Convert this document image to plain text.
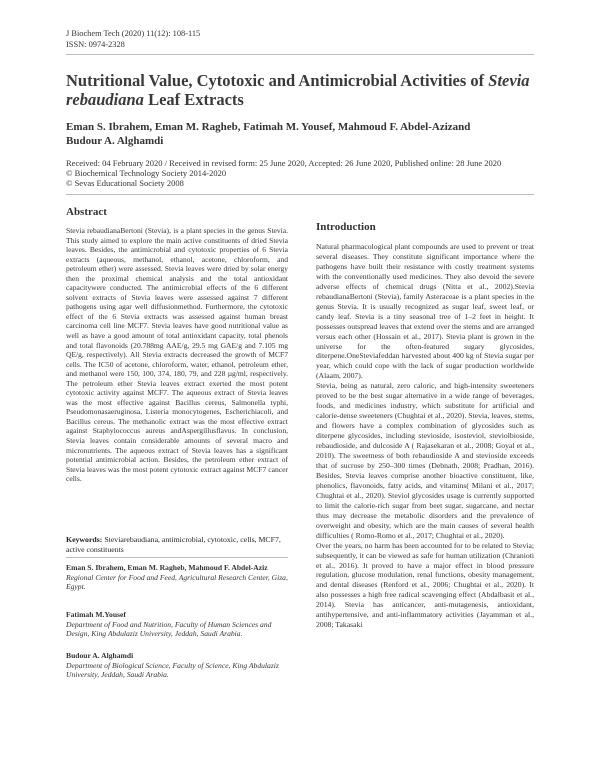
J Biochem Tech (2020) 11(12): 108-115
ISSN: 0974-2328
Nutritional Value, Cytotoxic and Antimicrobial Activities of Stevia rebaudiana Leaf Extracts
Eman S. Ibrahem, Eman M. Ragheb, Fatimah M. Yousef, Mahmoud F. Abdel-Azizand
Budour A. Alghamdi
Received: 04 February 2020 / Received in revised form: 25 June 2020, Accepted: 26 June 2020, Published online: 28 June 2020
© Biochemical Technology Society 2014-2020
© Sevas Educational Society 2008
Abstract
Stevia rebaudianaBertoni (Stevia), is a plant species in the genus Stevia. This study aimed to explore the main active constituents of dried Stevia leaves. Besides, the antimicrobial and cytotoxic properties of 6 Stevia extracts (aqueous, methanol, ethanol, acetone, chloroform, and petroleum ether) were assessed. Stevia leaves were dried by solar energy then the proximal chemical analysis and the total antioxidant capacitywere conducted. The antimicrobial effects of the 6 different solvent extracts of Stevia leaves were assessed against 7 different pathogens using agar well diffusionmethod. Furthermore, the cytotoxic effect of the 6 Stevia extracts was assessed against human breast carcinoma cell line MCF7. Stevia leaves have good nutritional value as well as have a good amount of total antioxidant capacity, total phenols and total flavonoids (20.788mg AAE/g, 29.5 mg GAE/g and 7.105 mg QE/g, respectively). All Stevia extracts decreased the growth of MCF7 cells. The IC50 of acetone, chloroform, water, ethanol, petroleum ether, and methanol were 150, 100, 374, 180, 79, and 228 µg/ml, respectively. The petroleum ether Stevia leaves extract exerted the most potent cytotoxic activity against MCF7. The aqueous extract of Stevia leaves was the most effective against Bacillus cereus, Salmonella typhi, Pseudomonasaeruginosa, Listeria monocytogenes, Escherichiacoli, and Bacillus cereus. The methanolic extract was the most effective extract against Staphylococcus aureus andAspergillusflavus. In conclusion, Stevia leaves contain considerable amounts of several macro and micronutrients. The aqueous extract of Stevia leaves has a significant potential antimicrobial action. Besides, the petroleum ether extract of Stevia leaves was the most potent cytotoxic extract against MCF7 cancer cells.
Keywords: Steviarebaudiana, antimicrobial, cytotoxic, cells, MCF7, active constituents
Eman S. Ibrahem, Eman M. Ragheb, Mahmoud F. Abdel-Aziz
Regional Center for Food and Feed, Agricultural Research Center, Giza, Egypt.
Fatimah M.Yousef
Department of Food and Nutrition, Faculty of Human Sciences and Design, King Abdulaziz University, Jeddah, Saudi Arabia.
Budour A. Alghamdi
Department of Biological Science, Faculty of Science, King Abdulaziz University, Jeddah, Saudi Arabia.
Introduction

Natural pharmacological plant compounds are used to prevent or treat several diseases. They constitute significant importance where the pathogens have built their resistance with costly treatment systems with the conventionally used medicines. They also devoid the severe adverse effects of chemical drugs (Nitta et al., 2002).Stevia rebaudianaBertoni (Stevia), family Asteraceae is a plant species in the genus Stevia. It is usually recognized as sugar leaf, sweet leaf, or candy leaf. Stevia is a tiny seasonal tree of 1–2 feet in height. It possesses outspread leaves that extend over the stems and are arranged versus each other (Hossain et al., 2017). Stevia plant is grown in the universe for the often-featured sugary glycosides, diterpene.OneSteviafeddan harvested about 400 kg of Stevia sugar per year, which could cope with the lack of sugar production worldwide (Alaam, 2007).

Stevia, being as natural, zero caloric, and high-intensity sweeteners proved to be the best sugar alternative in a wide range of beverages, foods, and medicines industry, which substitute for artificial and calorie-dense sweeteners (Chughtai et al., 2020). Stevia, leaves, stems, and flowers have a complex combination of glycosides such as diterpene glycosides, including stevioside, isosteviol, steviolbioside, rebaudioside, and dulcoside A ( Rajasekaran et al., 2008; Goyal et al., 2010). The sweetness of both rebaudioside A and stevioside exceeds that of sucrose by 250–300 times (Debnath, 2008; Pradhan, 2016). Besides, Stevia leaves comprise another bioactive constituent, like, phenolics, flavonoids, fatty acids, and vitamins( Milani et al., 2017; Chughtai et al., 2020). Steviol glycosides usage is currently supported to limit the calorie-rich sugar from beet sugar, sugarcane, and nectar thus may decrease the metabolic disorders and the prevalence of overweight and obesity, which are the main causes of several health difficulties ( Romo-Romo et al., 2017; Chughtai et al., 2020).

Over the years, no harm has been accounted for to be related to Stevia; subsequently, it can be viewed as safe for human utilization (Chranioti et al., 2016). It proved to have a major effect in blood pressure regulation, glucose modulation, renal functions, obesity management, and dental diseases (Renford et al., 2006; Chughtai et al., 2020). It also possesses a high free radical scavenging effect (Abdalbasit et al., 2014). Stevia has anticancer, anti-mutagenesis, antioxidant, antihypertensive, and anti-inflammatory activities (Jayamman et al., 2008; Takasaki
